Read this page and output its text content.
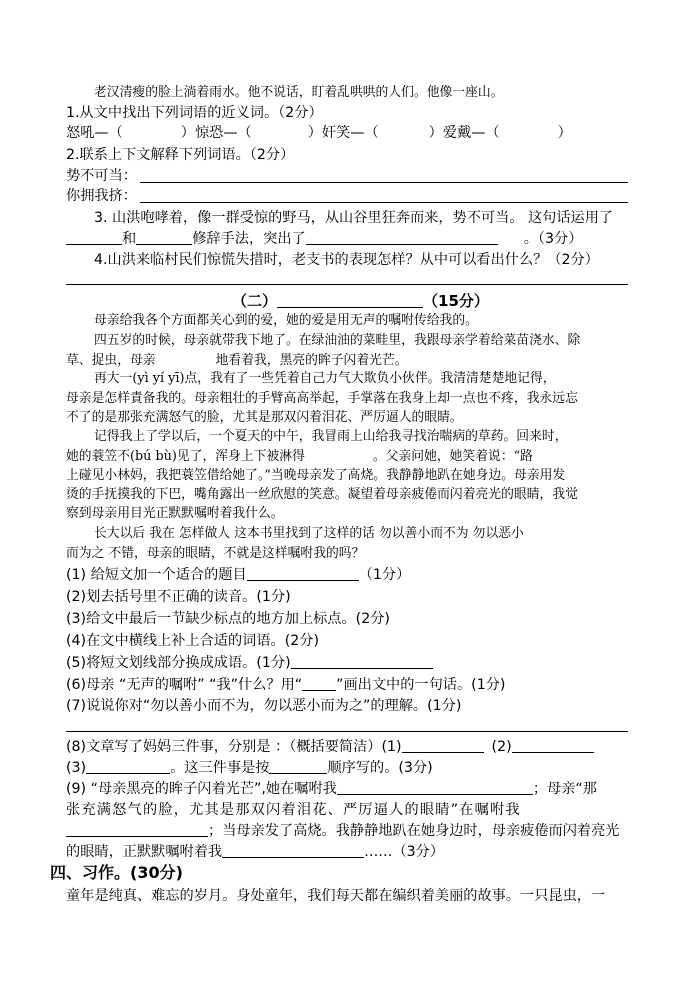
老汉清瘦的脸上淌着雨水。他不说话，盯着乱哄哄的人们。他像一座山。
1.从文中找出下列词语的近义词。（2分）
怒吼—（	）惊恐—（	）奸笑—（	）爱戴—（	）
2.联系上下文解释下列词语。（2分）
势不可当：
你拥我挤：
3. 山洪咆哮着，像一群受惊的野马，从山谷里狂奔而来，势不可当。 这句话运用了
和	修辞手法，突出了	。（3分）
4.山洪来临村民们惊慌失措时，老支书的表现怎样？从中可以看出什么？（2分）
（二）	（15分）
母亲给我各个方面都关心到的爱，她的爱是用无声的嘱咐传给我的。
四五岁的时候，母亲就带我下地了。在绿油油的菜畦里，我跟母亲学着给菜苗浇水、除
草、捉虫，母亲	地看着我，黑亮的眸子闪着光芒。
再大一(yì yí yī)点，我有了一些凭着自己力气大欺负小伙伴。我清清楚楚地记得，
母亲是怎样責备我的。母亲粗壮的手臂高高举起，手掌落在我身上却一点也不疼，我永远忘
不了的是那张充满怒气的脸，尤其是那双闪着泪花、严厉逼人的眼睛。
记得我上了学以后，一个夏天的中午，我冒雨上山给我寻找治喘病的草药。回来时，
她的蓑笠不(bú bù)见了，浑身上下被淋得	。父亲问她，她笑着说：“路
上碰见小林妈，我把蓑笠借给她了。”当晚母亲发了高烧。我静静地趴在她身边。母亲用发
烫的手抚摸我的下巴，嘴角露出一丝欣慰的笑意。凝望着母亲疲倦而闪着亮光的眼睛，我觉
察到母亲用目光正默默嘱咐着我什么。
长大以后 我在 怎样做人 这本书里找到了这样的话 勿以善小而不为 勿以恶小
而为之 不错，母亲的眼睛，不就是这样嘱咐我的吗？
(1) 给短文加一个适合的题目	（1分）
(2)划去括号里不正确的读音。(1分)
(3)给文中最后一节缺少标点的地方加上标点。(2分)
(4)在文中横线上补上合适的词语。(2分)
(5)将短文划线部分换成成语。(1分)
(6)母亲 “无声的嘱咐” “我”什么？用“ ”画出文中的一句话。(1分)
(7)说说你对“勿以善小而不为，勿以恶小而为之”的理解。(1分)
(8)文章写了妈妈三件事，分别是 ：（概括要简洁）(1)	(2)
(3)	。这三件事是按	顺序写的。(3分)
(9) “母亲黑亮的眸子闪着光芒”,她在嘱咐我	；母亲“那
张充满怒气的脸，尤其是那双闪着泪花、严厉逼人的眼睛”在嘱咐我
；当母亲发了高烧。我静静地趴在她身边时，母亲疲倦而闪着亮光
的眼睛，正默默嘱咐着我	……（3分）
四、习作。(30分)
童年是纯真、难忘的岁月。身处童年，我们每天都在编织着美丽的故事。一只昆虫，一
